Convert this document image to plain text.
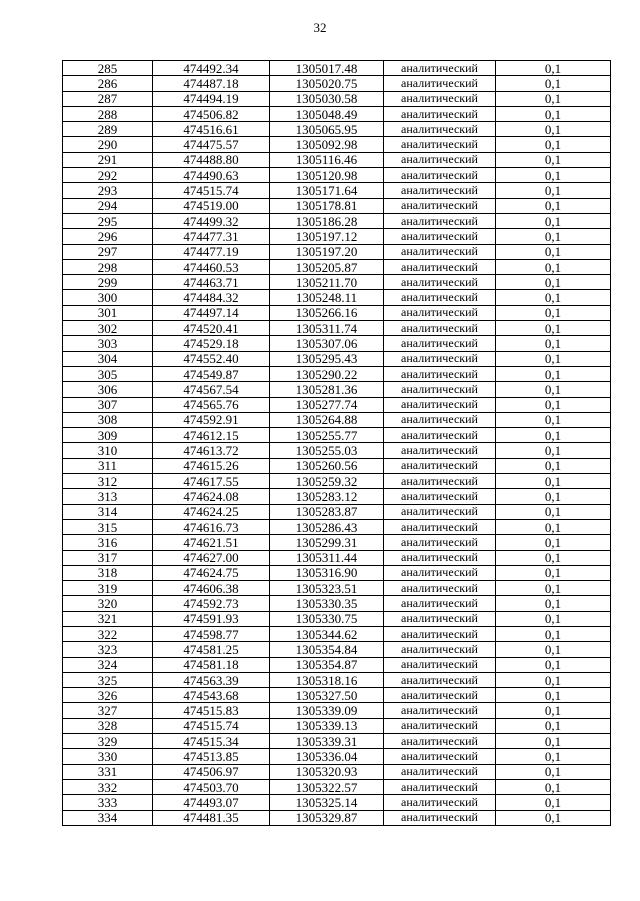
32
285	474492.34	1305017.48	аналитический	0,1
286	474487.18	1305020.75	аналитический	0,1
287	474494.19	1305030.58	аналитический	0,1
288	474506.82	1305048.49	аналитический	0,1
289	474516.61	1305065.95	аналитический	0,1
290	474475.57	1305092.98	аналитический	0,1
291	474488.80	1305116.46	аналитический	0,1
292	474490.63	1305120.98	аналитический	0,1
293	474515.74	1305171.64	аналитический	0,1
294	474519.00	1305178.81	аналитический	0,1
295	474499.32	1305186.28	аналитический	0,1
296	474477.31	1305197.12	аналитический	0,1
297	474477.19	1305197.20	аналитический	0,1
298	474460.53	1305205.87	аналитический	0,1
299	474463.71	1305211.70	аналитический	0,1
300	474484.32	1305248.11	аналитический	0,1
301	474497.14	1305266.16	аналитический	0,1
302	474520.41	1305311.74	аналитический	0,1
303	474529.18	1305307.06	аналитический	0,1
304	474552.40	1305295.43	аналитический	0,1
305	474549.87	1305290.22	аналитический	0,1
306	474567.54	1305281.36	аналитический	0,1
307	474565.76	1305277.74	аналитический	0,1
308	474592.91	1305264.88	аналитический	0,1
309	474612.15	1305255.77	аналитический	0,1
310	474613.72	1305255.03	аналитический	0,1
311	474615.26	1305260.56	аналитический	0,1
312	474617.55	1305259.32	аналитический	0,1
313	474624.08	1305283.12	аналитический	0,1
314	474624.25	1305283.87	аналитический	0,1
315	474616.73	1305286.43	аналитический	0,1
316	474621.51	1305299.31	аналитический	0,1
317	474627.00	1305311.44	аналитический	0,1
318	474624.75	1305316.90	аналитический	0,1
319	474606.38	1305323.51	аналитический	0,1
320	474592.73	1305330.35	аналитический	0,1
321	474591.93	1305330.75	аналитический	0,1
322	474598.77	1305344.62	аналитический	0,1
323	474581.25	1305354.84	аналитический	0,1
324	474581.18	1305354.87	аналитический	0,1
325	474563.39	1305318.16	аналитический	0,1
326	474543.68	1305327.50	аналитический	0,1
327	474515.83	1305339.09	аналитический	0,1
328	474515.74	1305339.13	аналитический	0,1
329	474515.34	1305339.31	аналитический	0,1
330	474513.85	1305336.04	аналитический	0,1
331	474506.97	1305320.93	аналитический	0,1
332	474503.70	1305322.57	аналитический	0,1
333	474493.07	1305325.14	аналитический	0,1
334	474481.35	1305329.87	аналитический	0,1
